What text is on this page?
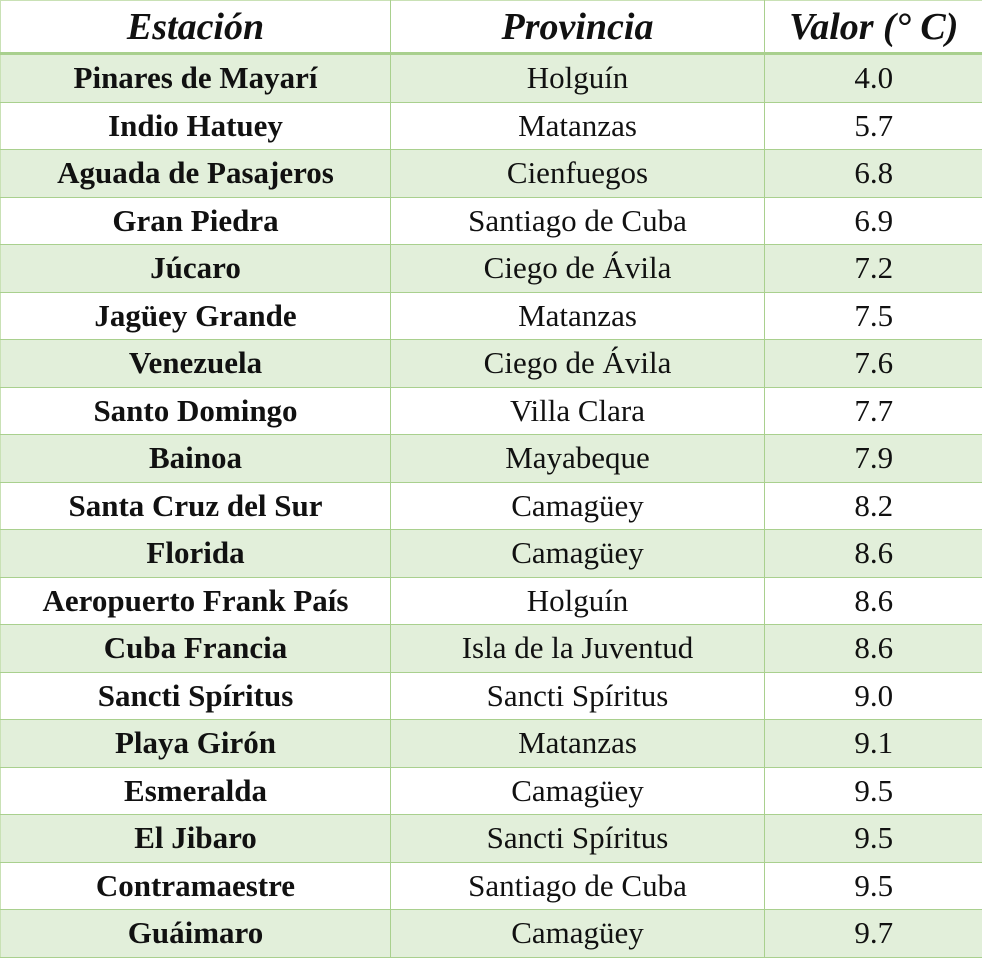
Estación	Provincia	Valor (° C)
Pinares de Mayarí	Holguín	4.0
Indio Hatuey	Matanzas	5.7
Aguada de Pasajeros	Cienfuegos	6.8
Gran Piedra	Santiago de Cuba	6.9
Júcaro	Ciego de Ávila	7.2
Jagüey Grande	Matanzas	7.5
Venezuela	Ciego de Ávila	7.6
Santo Domingo	Villa Clara	7.7
Bainoa	Mayabeque	7.9
Santa Cruz del Sur	Camagüey	8.2
Florida	Camagüey	8.6
Aeropuerto Frank País	Holguín	8.6
Cuba Francia	Isla de la Juventud	8.6
Sancti Spíritus	Sancti Spíritus	9.0
Playa Girón	Matanzas	9.1
Esmeralda	Camagüey	9.5
El Jibaro	Sancti Spíritus	9.5
Contramaestre	Santiago de Cuba	9.5
Guáimaro	Camagüey	9.7
